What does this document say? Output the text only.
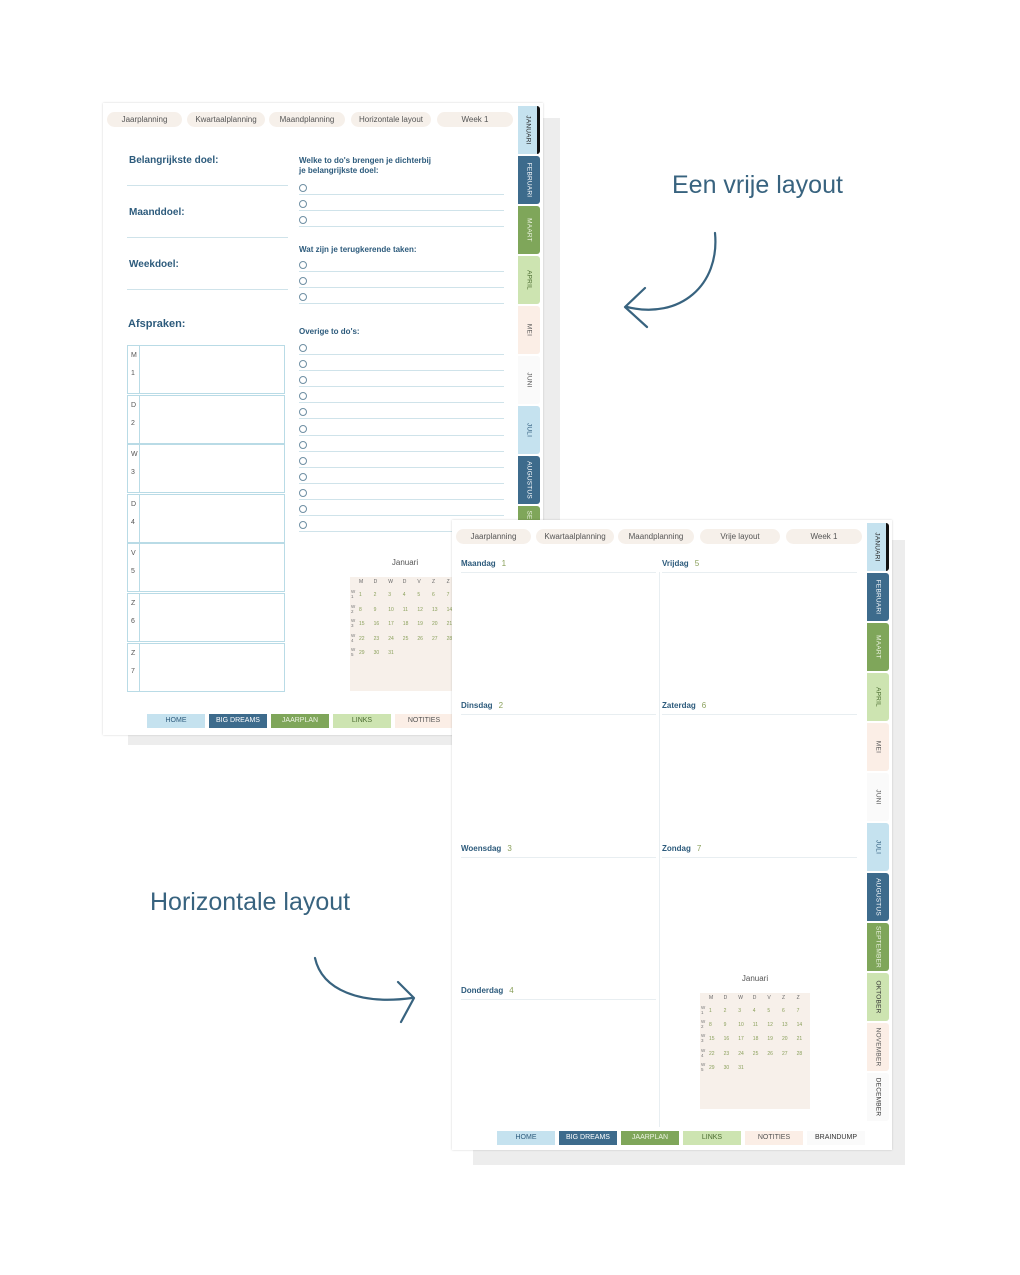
Jaarplanning	Kwartaalplanning	Maandplanning	Horizontale layout	Week 1
Belangrijkste doel:
Maanddoel:
Weekdoel:
Afspraken:
M
1
D
2
W
3
D
4
V
5
Z
6
Z
7
Welke to do's brengen je dichterbij
je belangrijkste doel:
Wat zijn je terugkerende taken:
Overige to do's:
Januari
M D W D V Z Z
W
1	1 2 3 4 5 6 7
W
2	8 9 10 11 12 13 14
W
3	15 16 17 18 19 20 21
W
4	22 23 24 25 26 27 28
W
5	29 30 31
JANUARI
FEBRUARI
MAART
APRIL
MEI
JUNI
JULI
AUGUSTUS
SE
HOME	BIG DREAMS	JAARPLAN	LINKS	NOTITIES
Jaarplanning	Kwartaalplanning	Maandplanning	Vrije layout	Week 1
Maandag 1
Dinsdag 2
Woensdag 3
Donderdag 4
Vrijdag 5
Zaterdag 6
Zondag 7
Januari
M D W D V Z Z
W
1	1 2 3 4 5 6 7
W
2	8 9 10 11 12 13 14
W
3	15 16 17 18 19 20 21
W
4	22 23 24 25 26 27 28
W
5	29 30 31
JANUARI
FEBRUARI
MAART
APRIL
MEI
JUNI
JULI
AUGUSTUS
SEPTEMBER
OKTOBER
NOVEMBER
DECEMBER
HOME	BIG DREAMS	JAARPLAN	LINKS	NOTITIES	BRAINDUMP
Een vrije layout
Horizontale layout
